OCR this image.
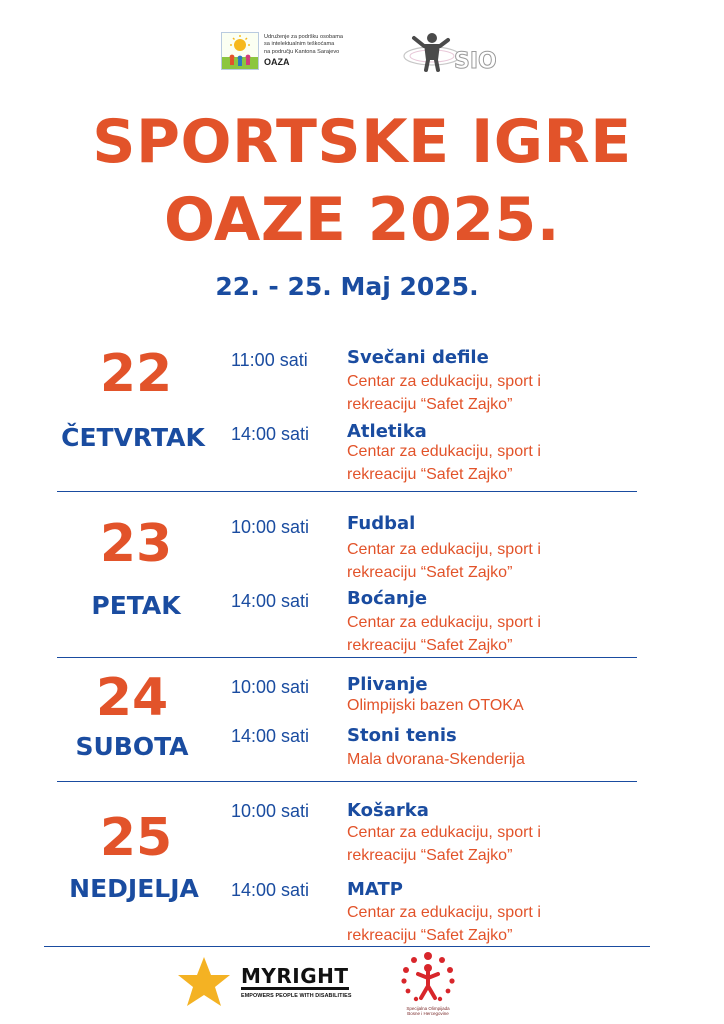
Udruženje za podršku osobama
sa intelektualnim teškoćama
na području Kantona Sarajevo
OAZA	SIO
SPORTSKE IGRE
OAZE 2025.
22. - 25. Maj 2025.
22
ČETVRTAK
11:00 sati Svečani defile
Centar za edukaciju, sport i
rekreaciju “Safet Zajko”
14:00 sati Atletika
Centar za edukaciju, sport i
rekreaciju “Safet Zajko”
23
PETAK
10:00 sati Fudbal
Centar za edukaciju, sport i
rekreaciju “Safet Zajko”
14:00 sati Boćanje
Centar za edukaciju, sport i
rekreaciju “Safet Zajko”
24
SUBOTA
10:00 sati Plivanje
Olimpijski bazen OTOKA
14:00 sati Stoni tenis
Mala dvorana-Skenderija
25
NEDJELJA
10:00 sati Košarka
Centar za edukaciju, sport i
rekreaciju “Safet Zajko”
14:00 sati MATP
Centar za edukaciju, sport i
rekreaciju “Safet Zajko”
MYRIGHT
EMPOWERS PEOPLE WITH DISABILITIES
Specijalna Olimpijada
Bosne i Hercegovine
